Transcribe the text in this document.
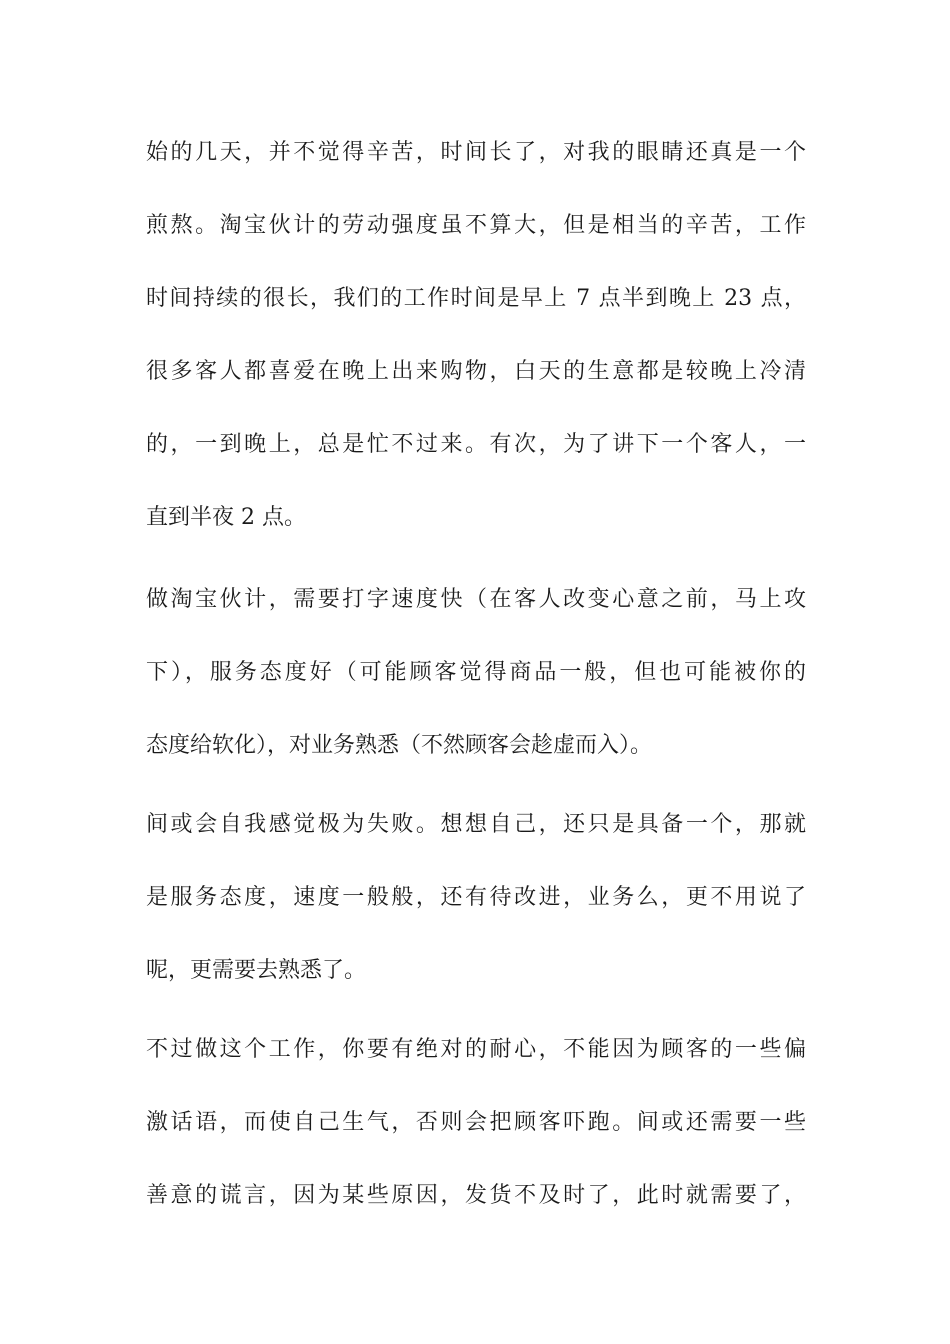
始的几天，并不觉得辛苦，时间长了，对我的眼睛还真是一个
煎熬。淘宝伙计的劳动强度虽不算大，但是相当的辛苦，工作
时间持续的很长，我们的工作时间是早上 7 点半到晚上 23 点，
很多客人都喜爱在晚上出来购物，白天的生意都是较晚上冷清
的，一到晚上，总是忙不过来。有次，为了讲下一个客人，一
直到半夜 2 点。
做淘宝伙计，需要打字速度快（在客人改变心意之前，马上攻
下），服务态度好（可能顾客觉得商品一般，但也可能被你的
态度给软化），对业务熟悉（不然顾客会趁虚而入）。
间或会自我感觉极为失败。想想自己，还只是具备一个，那就
是服务态度，速度一般般，还有待改进，业务么，更不用说了
呢，更需要去熟悉了。
不过做这个工作，你要有绝对的耐心，不能因为顾客的一些偏
激话语，而使自己生气，否则会把顾客吓跑。间或还需要一些
善意的谎言，因为某些原因，发货不及时了，此时就需要了，
